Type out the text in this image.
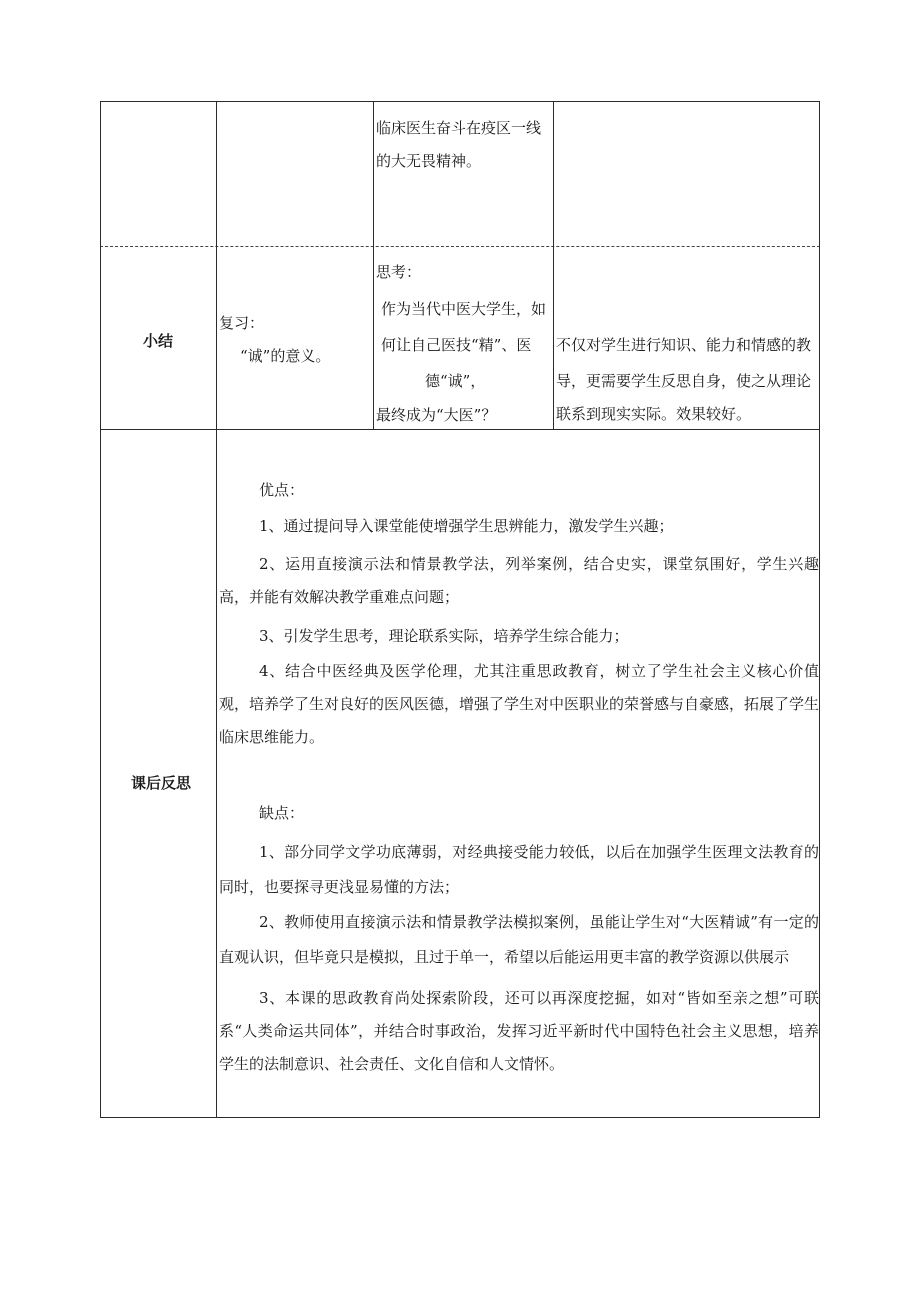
临床医生奋斗在疫区一线
的大无畏精神。
小结
复习：
“诚”的意义。
思考：
作为当代中医大学生，如
何让自己医技“精”、医
德“诚”，
最终成为“大医”？
不仅对学生进行知识、能力和情感的教
导，更需要学生反思自身，使之从理论
联系到现实实际。效果较好。
课后反思
优点：
1、通过提问导入课堂能使增强学生思辨能力，激发学生兴趣；
2、运用直接演示法和情景教学法，列举案例，结合史实，课堂氛围好，学生兴趣高，并能有效解决教学重难点问题；
3、引发学生思考，理论联系实际，培养学生综合能力；
4、结合中医经典及医学伦理，尤其注重思政教育，树立了学生社会主义核心价值观，培养学了生对良好的医风医德，增强了学生对中医职业的荣誉感与自豪感，拓展了学生临床思维能力。
缺点：
1、部分同学文学功底薄弱，对经典接受能力较低，以后在加强学生医理文法教育的同时，也要探寻更浅显易懂的方法；
2、教师使用直接演示法和情景教学法模拟案例，虽能让学生对“大医精诚”有一定的直观认识，但毕竟只是模拟，且过于单一，希望以后能运用更丰富的教学资源以供展示
3、本课的思政教育尚处探索阶段，还可以再深度挖掘，如对“皆如至亲之想”可联系“人类命运共同体”，并结合时事政治，发挥习近平新时代中国特色社会主义思想，培养学生的法制意识、社会责任、文化自信和人文情怀。
